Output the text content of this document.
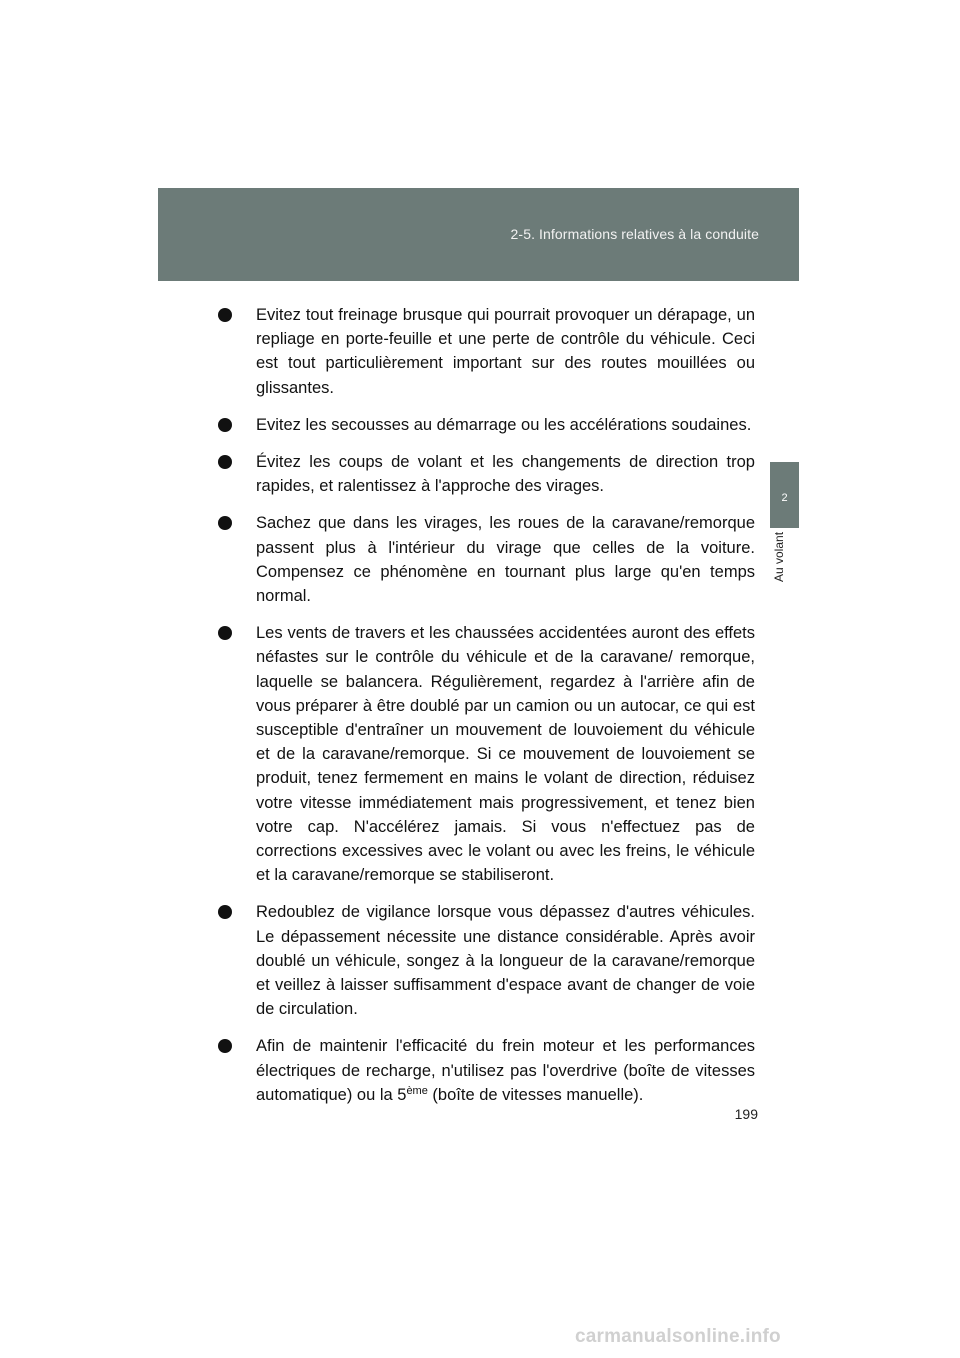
2-5. Informations relatives à la conduite
2
Au volant
Evitez tout freinage brusque qui pourrait provoquer un dérapage, un repliage en porte-feuille et une perte de contrôle du véhicule. Ceci est tout particulièrement important sur des routes mouillées ou glissantes.
Evitez les secousses au démarrage ou les accélérations soudaines.
Évitez les coups de volant et les changements de direction trop rapides, et ralentissez à l'approche des virages.
Sachez que dans les virages, les roues de la caravane/remorque passent plus à l'intérieur du virage que celles de la voiture. Compensez ce phénomène en tournant plus large qu'en temps normal.
Les vents de travers et les chaussées accidentées auront des effets néfastes sur le contrôle du véhicule et de la caravane/ remorque, laquelle se balancera. Régulièrement, regardez à l'arrière afin de vous préparer à être doublé par un camion ou un autocar, ce qui est susceptible d'entraîner un mouvement de louvoiement du véhicule et de la caravane/remorque. Si ce mouvement de louvoiement se produit, tenez fermement en mains le volant de direction, réduisez votre vitesse immédiatement mais progressivement, et tenez bien votre cap. N'accélérez jamais. Si vous n'effectuez pas de corrections excessives avec le volant ou avec les freins, le véhicule et la caravane/remorque se stabiliseront.
Redoublez de vigilance lorsque vous dépassez d'autres véhicules. Le dépassement nécessite une distance considérable. Après avoir doublé un véhicule, songez à la longueur de la caravane/remorque et veillez à laisser suffisamment d'espace avant de changer de voie de circulation.
Afin de maintenir l'efficacité du frein moteur et les performances électriques de recharge, n'utilisez pas l'overdrive (boîte de vitesses automatique) ou la 5ème (boîte de vitesses manuelle).
199
carmanualsonline.info
